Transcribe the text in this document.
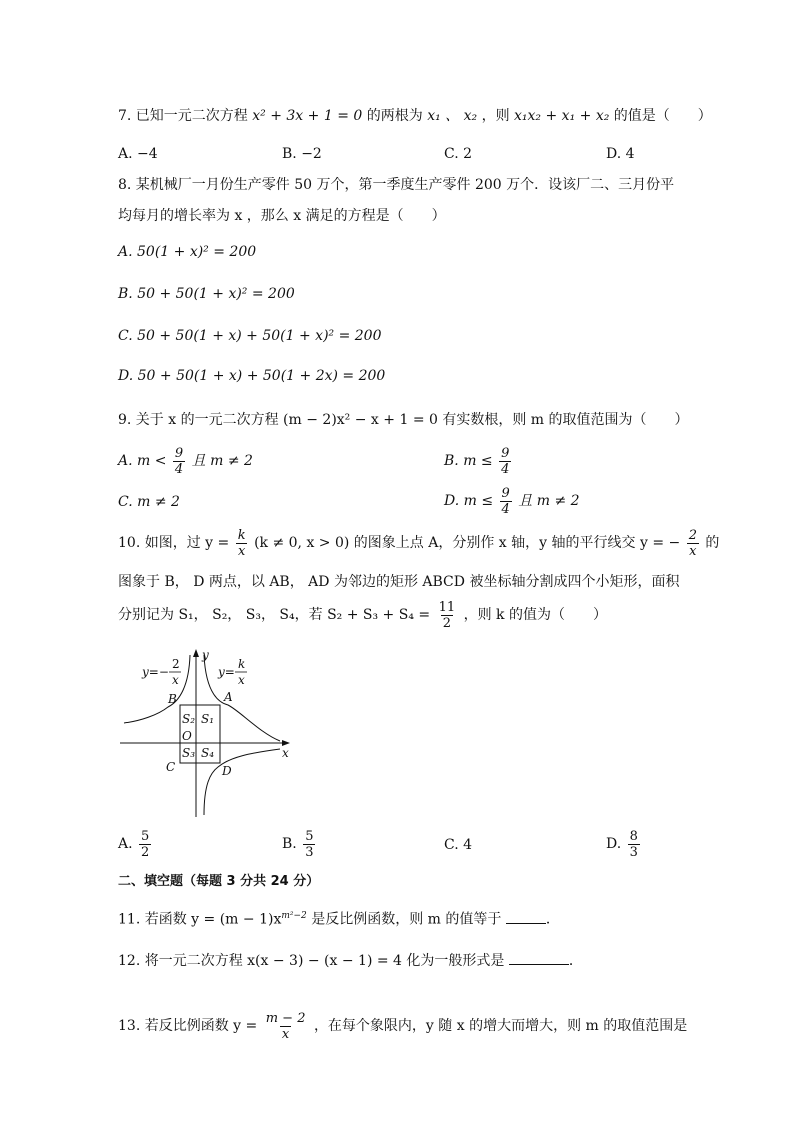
7. 已知一元二次方程 x² + 3x + 1 = 0 的两根为 x₁ 、 x₂ ，则 x₁x₂ + x₁ + x₂ 的值是（　　）
A. −4	B. −2	C. 2	D. 4
8. 某机械厂一月份生产零件 50 万个，第一季度生产零件 200 万个．设该厂二、三月份平
均每月的增长率为 x ，那么 x 满足的方程是（　　）
A. 50(1 + x)² = 200
B. 50 + 50(1 + x)² = 200
C. 50 + 50(1 + x) + 50(1 + x)² = 200
D. 50 + 50(1 + x) + 50(1 + 2x) = 200
9. 关于 x 的一元二次方程 (m − 2)x² − x + 1 = 0 有实数根，则 m 的取值范围为（　　）
A. $m < \frac{9}{4}$ 且 m ≠ 2	B. $m \le \frac{9}{4}$
C. m ≠ 2	D. $m \le \frac{9}{4}$ 且 m ≠ 2
10. 如图，过 $y = \frac{k}{x} (k \ne 0$, x > 0) 的图象上点 A，分别作 x 轴，y 轴的平行线交 y = − $\frac{2}{x}$ 的
图象于 B， D 两点，以 AB， AD 为邻边的矩形 ABCD 被坐标轴分割成四个小矩形，面积
分别记为 S₁， S₂， S₃， S₄，若 $S_2 + S_3 + S_4 = \frac{11}{2}$ ，则 k 的值为（　　）
y
x
B	A
C	D
O
S₁
S₂
S₃ S₄
y=−
2
x
y=
k
x
A. $\frac{5}{2}$	B. $\frac{5}{3}$	C. 4	D. $\frac{8}{3}$
二、填空题（每题 3 分共 24 分）
11. 若函数 $y = (m - 1)x^{m^2-2}$ 是反比例函数，则 m 的值等于	．
12. 将一元二次方程 x(x − 3) − (x − 1) = 4 化为一般形式是	．
13. 若反比例函数 $y = \frac{m - 2}{x}$ ，在每个象限内，y 随 x 的增大而增大，则 m 的取值范围是
